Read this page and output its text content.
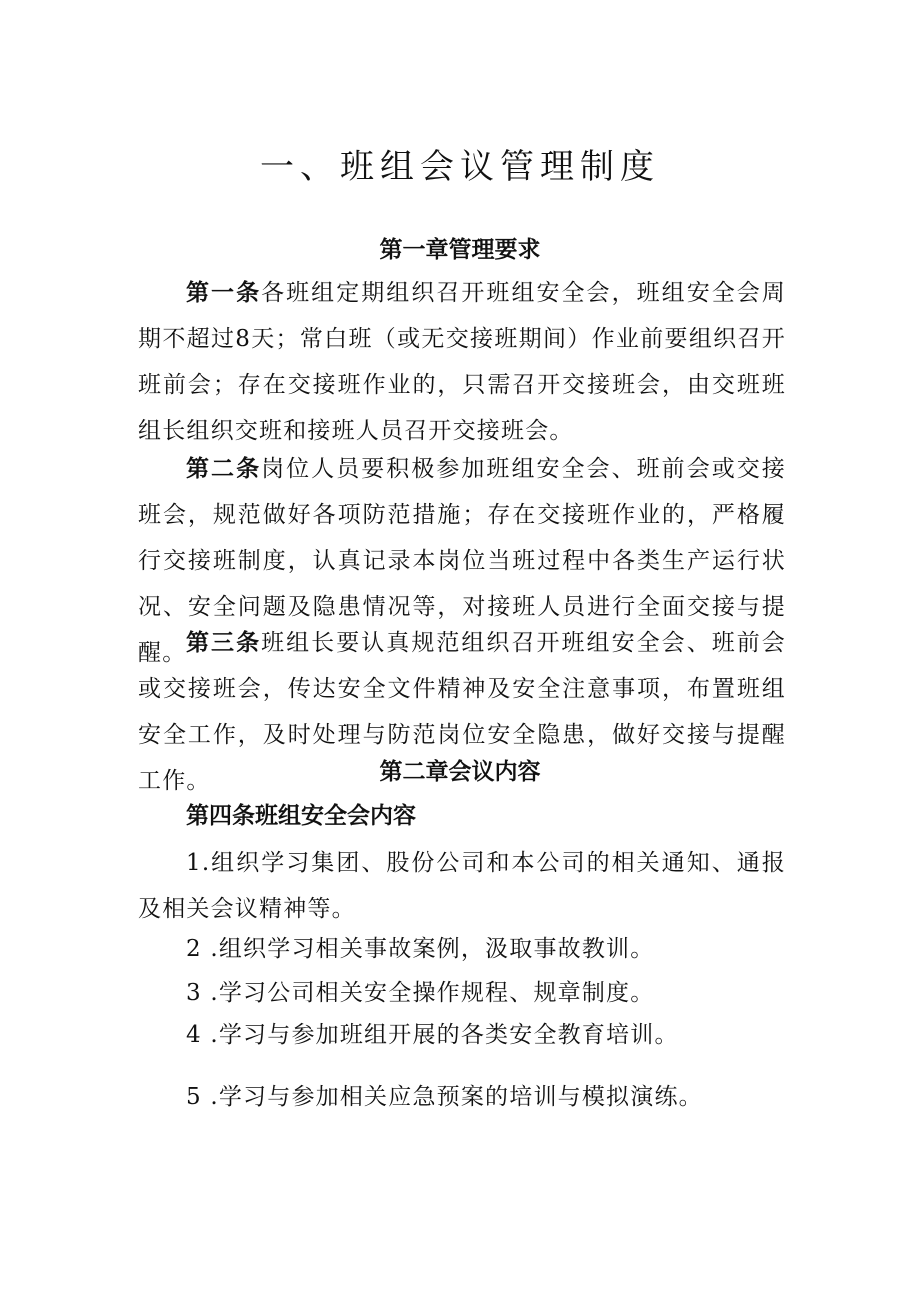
一、班组会议管理制度
第一章管理要求

第一条各班组定期组织召开班组安全会，班组安全会周期不超过8天；常白班（或无交接班期间）作业前要组织召开班前会；存在交接班作业的，只需召开交接班会，由交班班组长组织交班和接班人员召开交接班会。

第二条岗位人员要积极参加班组安全会、班前会或交接班会，规范做好各项防范措施；存在交接班作业的，严格履行交接班制度，认真记录本岗位当班过程中各类生产运行状况、安全问题及隐患情况等，对接班人员进行全面交接与提醒。 第三条班组长要认真规范组织召开班组安全会、班前会或交接班会，传达安全文件精神及安全注意事项，布置班组安全工作，及时处理与防范岗位安全隐患，做好交接与提醒工作。	第二章会议内容

第四条班组安全会内容

1.组织学习集团、股份公司和本公司的相关通知、通报及相关会议精神等。

2 .组织学习相关事故案例，汲取事故教训。

3 .学习公司相关安全操作规程、规章制度。

4 .学习与参加班组开展的各类安全教育培训。

5 .学习与参加相关应急预案的培训与模拟演练。
